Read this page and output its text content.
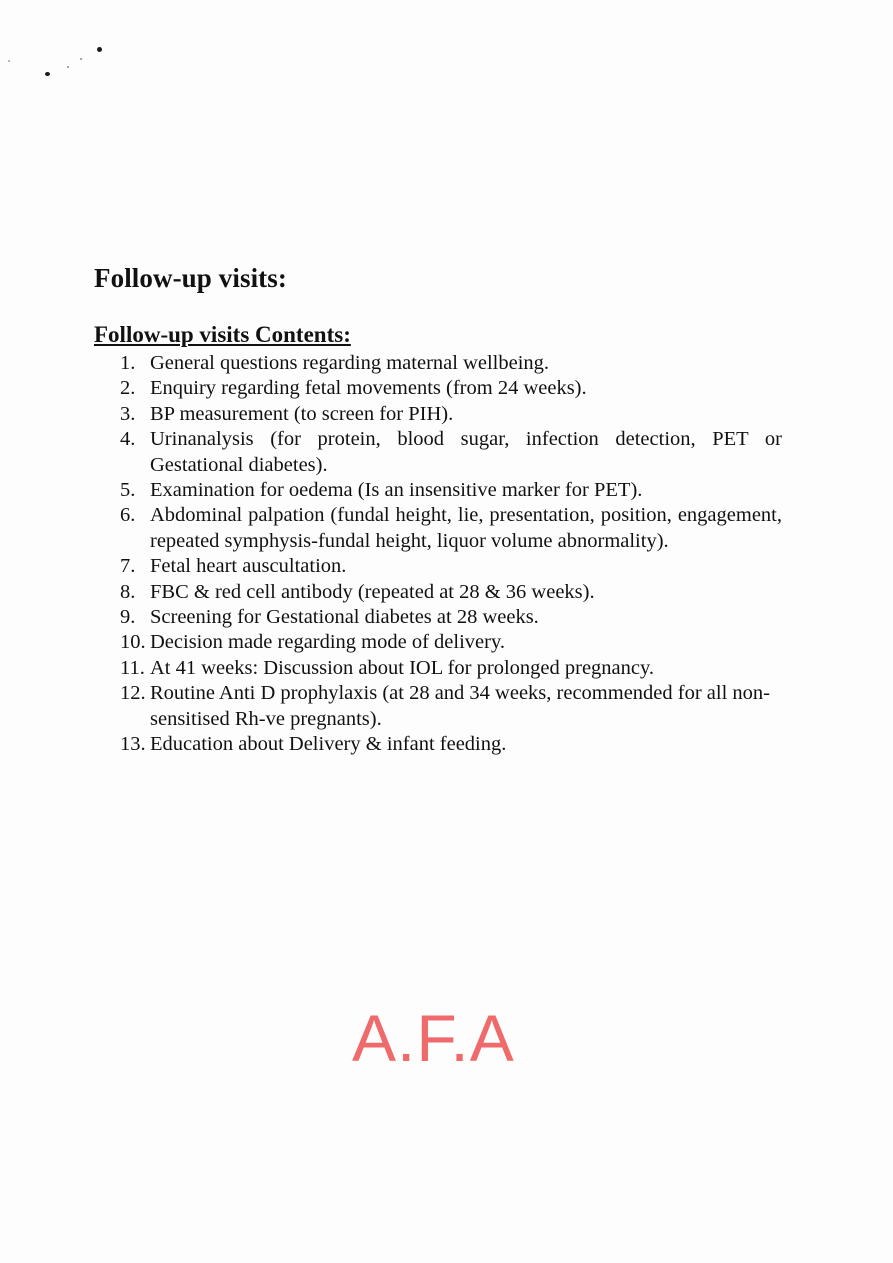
Follow-up visits:
Follow-up visits Contents:
1. General questions regarding maternal wellbeing.
2. Enquiry regarding fetal movements (from 24 weeks).
3. BP measurement (to screen for PIH).
4. Urinanalysis (for protein, blood sugar, infection detection, PET or Gestational diabetes).
5. Examination for oedema (Is an insensitive marker for PET).
6. Abdominal palpation (fundal height, lie, presentation, position, engagement, repeated symphysis-fundal height, liquor volume abnormality).
7. Fetal heart auscultation.
8. FBC & red cell antibody (repeated at 28 & 36 weeks).
9. Screening for Gestational diabetes at 28 weeks.
10. Decision made regarding mode of delivery.
11. At 41 weeks: Discussion about IOL for prolonged pregnancy.
12. Routine Anti D prophylaxis (at 28 and 34 weeks, recommended for all non-sensitised Rh-ve pregnants).
13. Education about Delivery & infant feeding.
A.F.A
